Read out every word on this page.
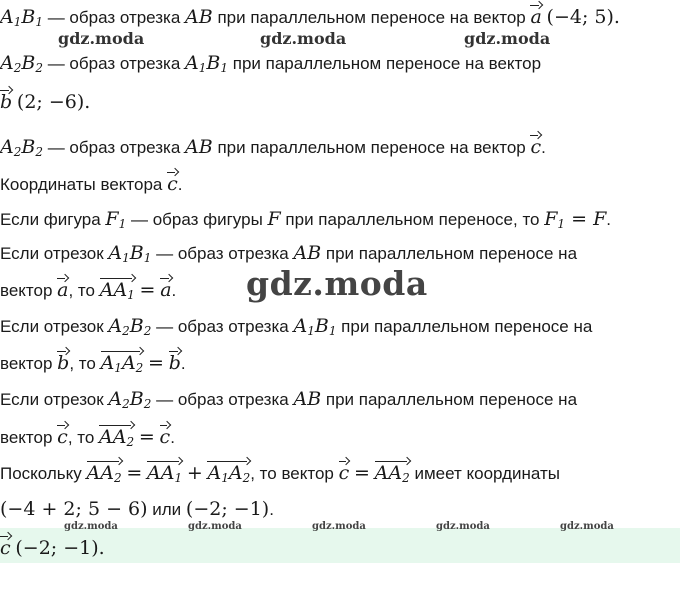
gdz.moda	gdz.moda	gdz.moda
gdz.moda
gdz.moda	gdz.moda	gdz.moda	gdz.moda	gdz.moda
$A_1B_1$ — образ отрезка AB при параллельном переносе на вектор a (−4; 5).
$A_2B_2$ — образ отрезка $A_1B_1$ при параллельном переносе на вектор
b (2; −6).
$A_2B_2$ — образ отрезка AB при параллельном переносе на вектор c.
Координаты вектора c.
Если фигура $F_1$ — образ фигуры F при параллельном переносе, то $F_1 = F$.
Если отрезок $A_1B_1$ — образ отрезка AB при параллельном переносе на
вектор a, то $AA_1 = a$.
Если отрезок $A_2B_2$ — образ отрезка $A_1B_1$ при параллельном переносе на
вектор b, то $A_1A_2 = b$.
Если отрезок $A_2B_2$ — образ отрезка AB при параллельном переносе на
вектор c, то $AA_2 = c$.
Поскольку $AA_2 = AA_1 + A_1A_2$, то вектор $c = AA_2$ имеет координаты
(−4 + 2; 5 − 6) или (−2; −1).
c (−2; −1).
